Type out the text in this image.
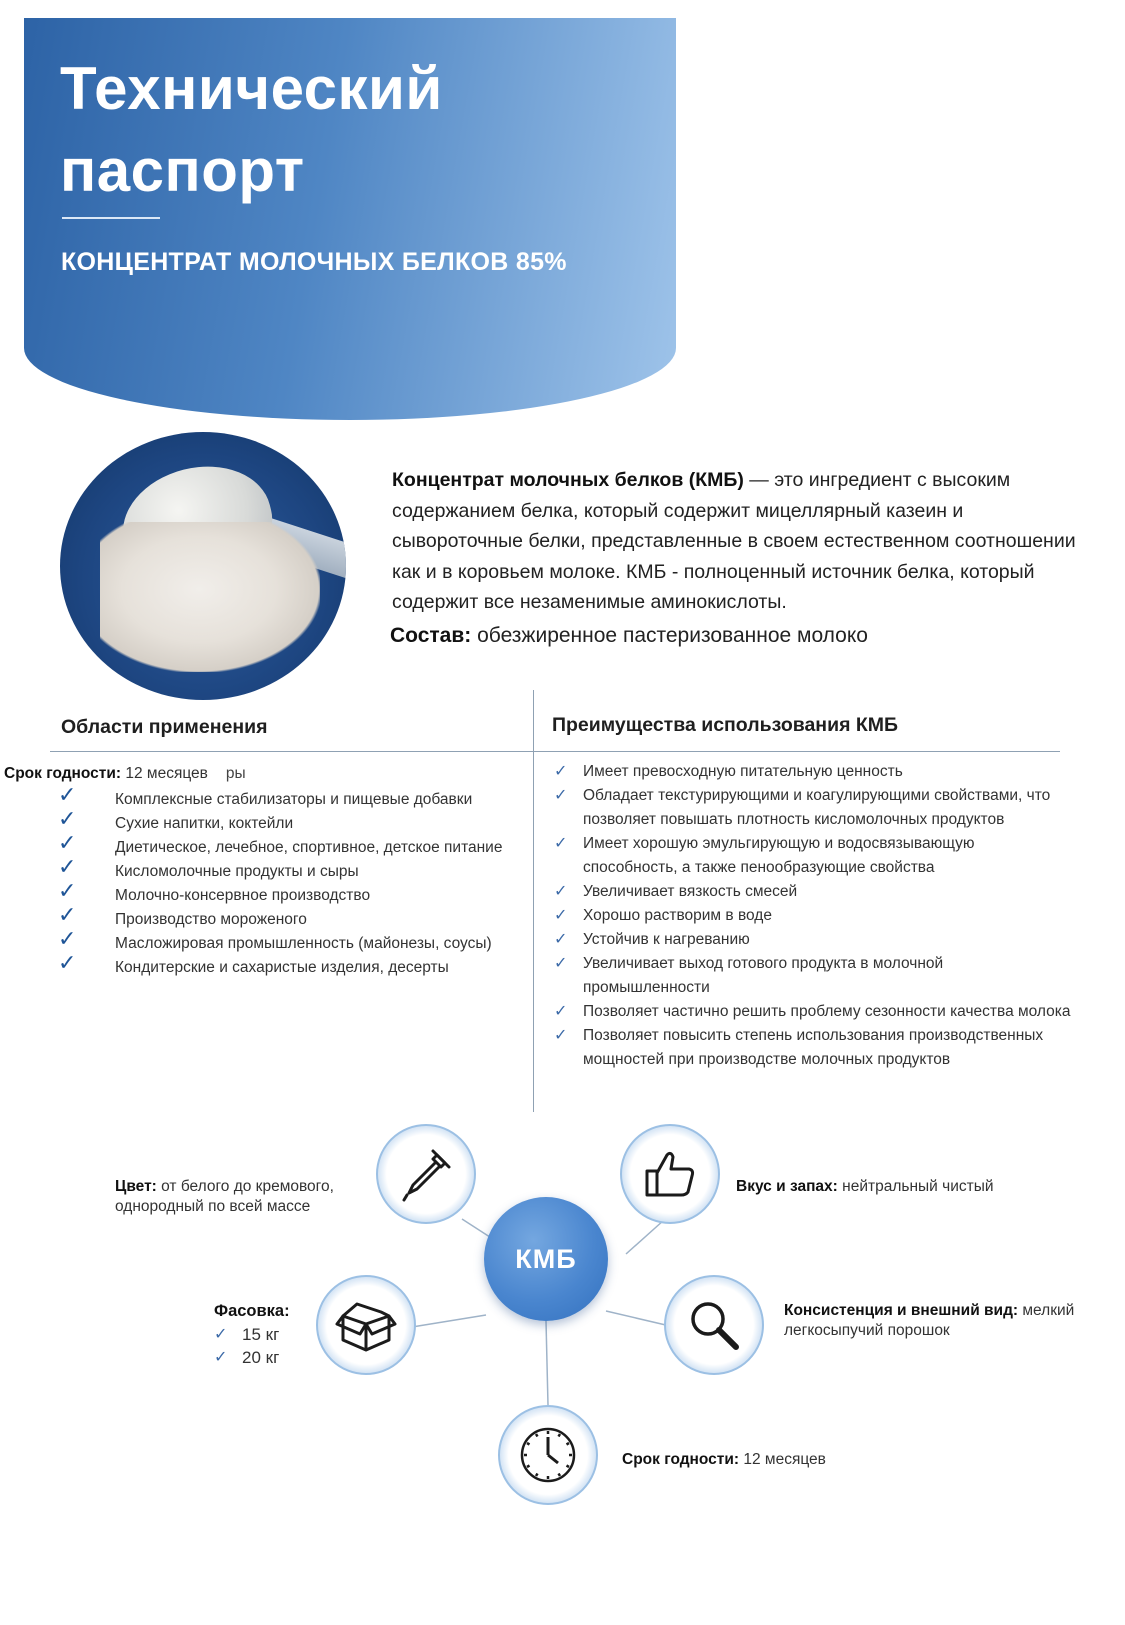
Технический
паспорт
КОНЦЕНТРАТ МОЛОЧНЫХ БЕЛКОВ 85%

Концентрат молочных белков (КМБ) — это ингредиент с высоким содержанием белка, который содержит мицеллярный казеин и сывороточные белки, представленные в своем естественном соотношении как и в коровьем молоке. КМБ - полноценный источник белка, который содержит все незаменимые аминокислоты.

Состав: обезжиренное пастеризованное молоко

Области применения	Преимущества использования КМБ
Срок годности: 12 месяцев ры
✓ Комплексные стабилизаторы и пищевые добавки
✓ Сухие напитки, коктейли
✓ Диетическое, лечебное, спортивное, детское питание
✓ Кисломолочные продукты и сыры
✓ Молочно-консервное производство
✓ Производство мороженого
✓ Масложировая промышленность (майонезы, соусы)
✓ Кондитерские и сахаристые изделия, десерты
✓ Имеет превосходную питательную ценность
✓ Обладает текстурирующими и коагулирующими свойствами, что позволяет повышать плотность кисломолочных продуктов
✓ Имеет хорошую эмульгирующую и водосвязывающую способность, а также пенообразующие свойства
✓ Увеличивает вязкость смесей
✓ Хорошо растворим в воде
✓ Устойчив к нагреванию
✓ Увеличивает выход готового продукта в молочной промышленности
✓ Позволяет частично решить проблему сезонности качества молока
✓ Позволяет повысить степень использования производственных мощностей при производстве молочных продуктов
КМБ
Цвет: от белого до кремового, однородный по всей массе
Вкус и запах: нейтральный чистый
Фасовка:
✓ 15 кг
✓ 20 кг
Консистенция и внешний вид: мелкий легкосыпучий порошок
Срок годности: 12 месяцев
